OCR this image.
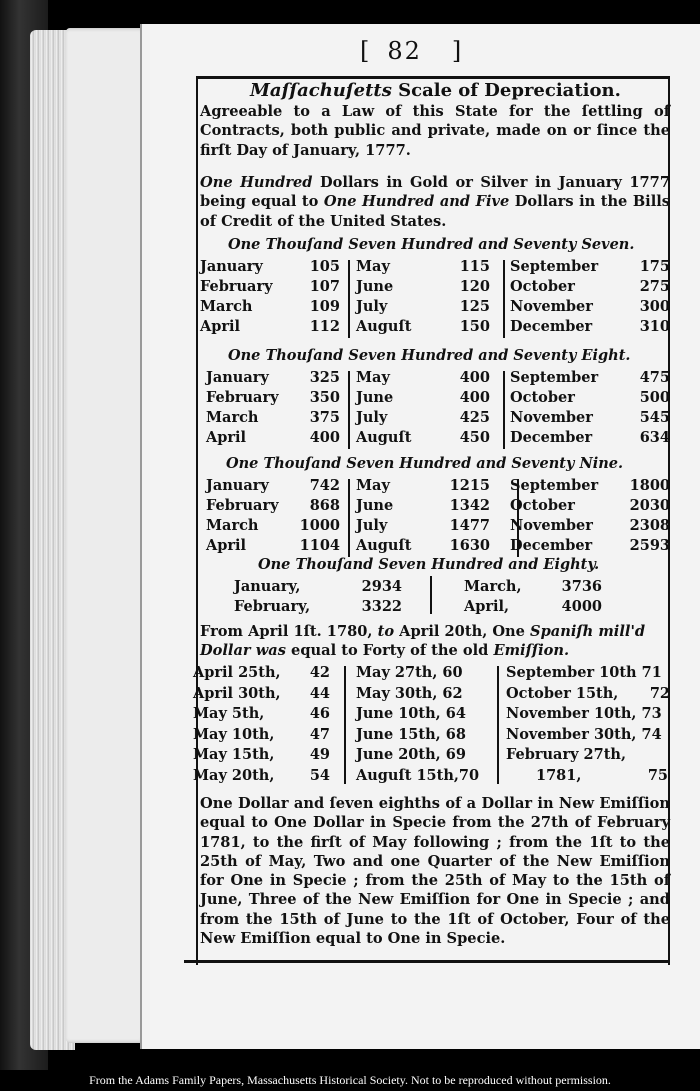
[ 82 ]
Maſſachuſetts Scale of Depreciation.
Agreeable to a Law of this State for the ſettling of Contracts, both public and private, made on or ſince the firſt Day of January, 1777.
One Hundred Dollars in Gold or Silver in January 1777 being equal to One Hundred and Five Dollars in the Bills of Credit of the United States.
One Thouſand Seven Hundred and Seventy Seven.
January	105 May	115 September	175
February	107 June	120 October	275
March	109 July	125 November	300
April	112 Auguſt	150 December	310
One Thouſand Seven Hundred and Seventy Eight.
January	325 May	400 September	475
February	350 June	400 October	500
March	375 July	425 November	545
April	400 Auguſt	450 December	634
One Thouſand Seven Hundred and Seventy Nine.
January	742 May	1215 September	1800
February	868 June	1342 October	2030
March	1000 July	1477 November	2308
April	1104 Auguſt	1630 December	2593
One Thouſand Seven Hundred and Eighty.
January,	2934	March,	3736
February,	3322	April,	4000
From April 1ſt. 1780, to April 20th, One Spaniſh mill'd
Dollar was equal to Forty of the old Emiſſion.
April 25th,	42 May 27th, 60	September 10th 71
April 30th,	44 May 30th, 62	October 15th,	72
May 5th,	46 June 10th, 64	November 10th, 73
May 10th,	47 June 15th, 68	November 30th, 74
May 15th,	49 June 20th, 69	February 27th,
May 20th,	54 Auguſt 15th,70	1781,	75
One Dollar and ſeven eighths of a Dollar in New Emiſſion equal to One Dollar in Specie from the 27th of February 1781, to the firſt of May following ; from the 1ſt to the 25th of May, Two and one Quarter of the New Emiſſion for One in Specie ; from the 25th of May to the 15th of June, Three of the New Emiſſion for One in Specie ; and from the 15th of June to the 1ſt of October, Four of the New Emiſſion equal to One in Specie.
From the Adams Family Papers, Massachusetts Historical Society. Not to be reproduced without permission.
